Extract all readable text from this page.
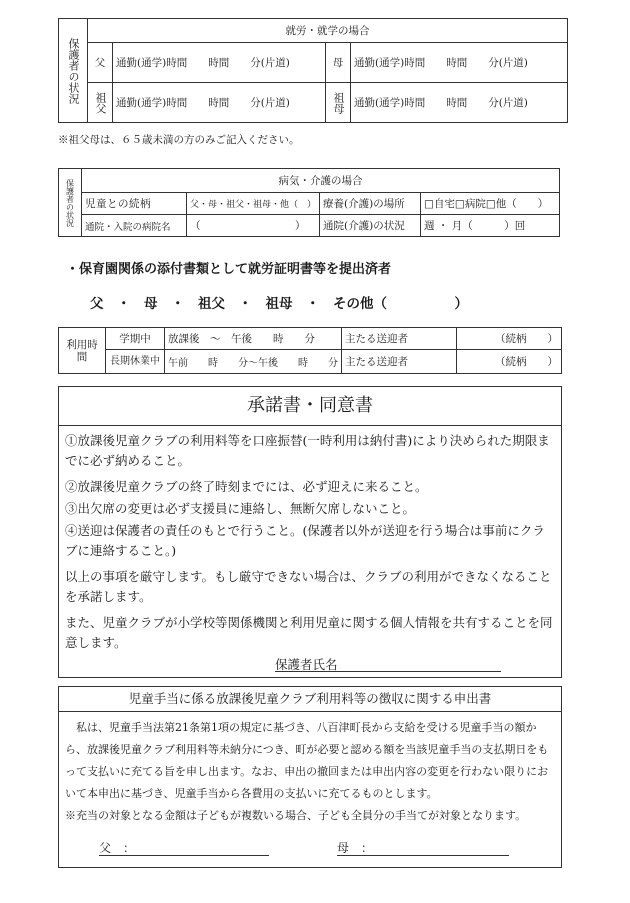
保護者の状況	就労・就学の場合			
	父	通勤(通学)時間　　時間　　分(片道)	母	通勤(通学)時間　　時間　　分(片道)
	祖父	通勤(通学)時間　　時間　　分(片道)	祖母	通勤(通学)時間　　時間　　分(片道)
※祖父母は、６５歳未満の方のみご記入ください。
保護者の状況	病気・介護の場合			
	児童との続柄	父・母・祖父・祖母・他（　）	療養(介護)の場所	□自宅□病院□他（　　）
	通院・入院の病院名	（　　　　　　　　　）	通院(介護)の状況	週 ・ 月（　　　）回
・保育園関係の添付書類として就労証明書等を提出済者
父　・　母　・　祖父　・　祖母　・　その他（　　　　　）
利用時間	学期中	放課後　～　午後　　時　　分	主たる送迎者	（続柄　　）
	長期休業中	午前　　時　　分～午後　　時　　分	主たる送迎者	（続柄　　）
承諾書・同意書
①放課後児童クラブの利用料等を口座振替(一時利用は納付書)により決められた期限までに必ず納めること。
②放課後児童クラブの終了時刻までには、必ず迎えに来ること。
③出欠席の変更は必ず支援員に連絡し、無断欠席しないこと。
④送迎は保護者の責任のもとで行うこと。(保護者以外が送迎を行う場合は事前にクラブに連絡すること。)
以上の事項を厳守します。もし厳守できない場合は、クラブの利用ができなくなることを承諾します。
また、児童クラブが小学校等関係機関と利用児童に関する個人情報を共有することを同意します。
保護者氏名
児童手当に係る放課後児童クラブ利用料等の徴収に関する申出書
　私は、児童手当法第21条第1項の規定に基づき、八百津町長から支給を受ける児童手当の額から、放課後児童クラブ利用料等未納分につき、町が必要と認める額を当該児童手当の支払期日をもって支払いに充てる旨を申し出ます。なお、申出の撤回または申出内容の変更を行わない限りにおいて本申出に基づき、児童手当から各費用の支払いに充てるものとします。
※充当の対象となる金額は子どもが複数いる場合、子ども全員分の手当てが対象となります。
父　：	母　：
